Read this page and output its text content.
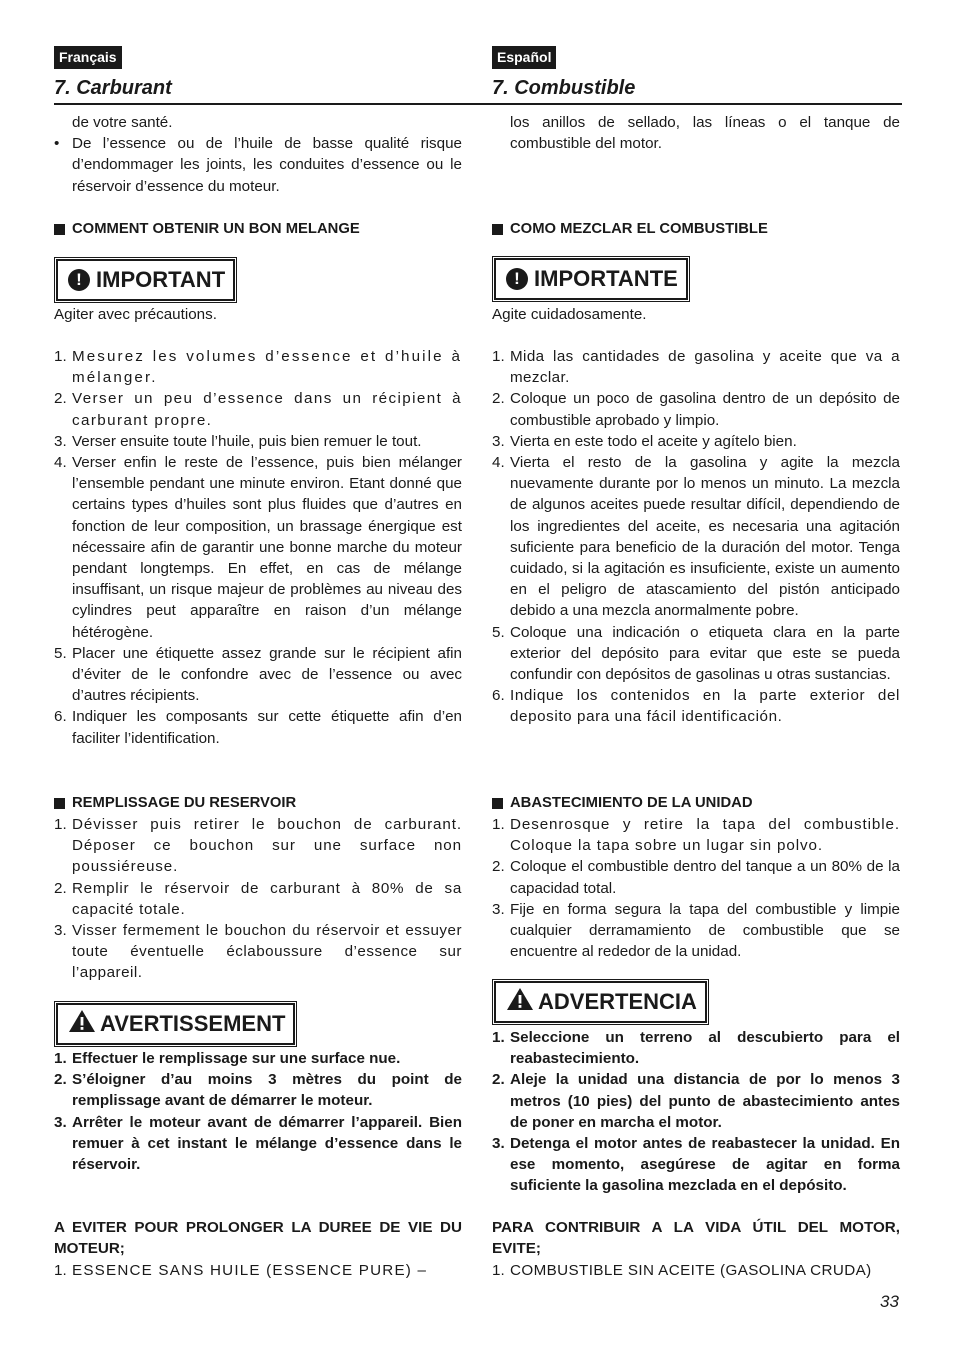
Français
7. Carburant

de votre santé.

• De l’essence ou de l’huile de basse qualité risque d’endommager les joints, les conduites d’essence ou le réservoir d’essence du moteur.
COMMENT OBTENIR UN BON MELANGE
! IMPORTANT

Agiter avec précautions.

1. Mesurez les volumes d’essence et d’huile à mélanger.
2. Verser un peu d’essence dans un récipient à carburant propre.
3. Verser ensuite toute l’huile, puis bien remuer le tout.
4. Verser enfin le reste de l’essence, puis bien mélanger l’ensemble pendant une minute environ. Etant donné que certains types d’huiles sont plus fluides que d’autres en fonction de leur composition, un brassage énergique est nécessaire afin de garantir une bonne marche du moteur pendant longtemps. En effet, en cas de mélange insuffisant, un risque majeur de problèmes au niveau des cylindres peut apparaître en raison d’un mélange hétérogène.
5. Placer une étiquette assez grande sur le récipient afin d’éviter de le confondre avec de l’essence ou avec d’autres récipients.
6. Indiquer les composants sur cette étiquette afin d’en faciliter l’identification.
REMPLISSAGE DU RESERVOIR
1. Dévisser puis retirer le bouchon de carburant. Déposer ce bouchon sur une surface non poussiéreuse.
2. Remplir le réservoir de carburant à 80% de sa capacité totale.
3. Visser fermement le bouchon du réservoir et essuyer toute éventuelle éclaboussure d’essence sur l’appareil.
AVERTISSEMENT
1. Effectuer le remplissage sur une surface nue.
2. S’éloigner d’au moins 3 mètres du point de remplissage avant de démarrer le moteur.
3. Arrêter le moteur avant de démarrer l’appareil. Bien remuer à cet instant le mélange d’essence dans le réservoir.

A EVITER POUR PROLONGER LA DUREE DE VIE DU MOTEUR;

1. ESSENCE SANS HUILE (ESSENCE PURE) –
Español
7. Combustible

los anillos de sellado, las líneas o el tanque de combustible del motor.

COMO MEZCLAR EL COMBUSTIBLE
! IMPORTANTE

Agite cuidadosamente.

1. Mida las cantidades de gasolina y aceite que va a mezclar.
2. Coloque un poco de gasolina dentro de un depósito de combustible aprobado y limpio.
3. Vierta en este todo el aceite y agítelo bien.
4. Vierta el resto de la gasolina y agite la mezcla nuevamente durante por lo menos un minuto. La mezcla de algunos aceites puede resultar difícil, dependiendo de los ingredientes del aceite, es necesaria una agitación suficiente para beneficio de la duración del motor. Tenga cuidado, si la agitación es insuficiente, existe un aumento en el peligro de atascamiento del pistón anticipado debido a una mezcla anormalmente pobre.
5. Coloque una indicación o etiqueta clara en la parte exterior del depósito para evitar que este se pueda confundir con depósitos de gasolinas u otras sustancias.
6. Indique los contenidos en la parte exterior del deposito para una fácil identificación.
ABASTECIMIENTO DE LA UNIDAD
1. Desenrosque y retire la tapa del combustible. Coloque la tapa sobre un lugar sin polvo.
2. Coloque el combustible dentro del tanque a un 80% de la capacidad total.
3. Fije en forma segura la tapa del combustible y limpie cualquier derramamiento de combustible que se encuentre al rededor de la unidad.
ADVERTENCIA
1. Seleccione un terreno al descubierto para el reabastecimiento.
2. Aleje la unidad una distancia de por lo menos 3 metros (10 pies) del punto de abastecimiento antes de poner en marcha el motor.
3. Detenga el motor antes de reabastecer la unidad. En ese momento, asegúrese de agitar en forma suficiente la gasolina mezclada en el depósito.

PARA CONTRIBUIR A LA VIDA ÚTIL DEL MOTOR, EVITE;

1. COMBUSTIBLE SIN ACEITE (GASOLINA CRUDA)
33
